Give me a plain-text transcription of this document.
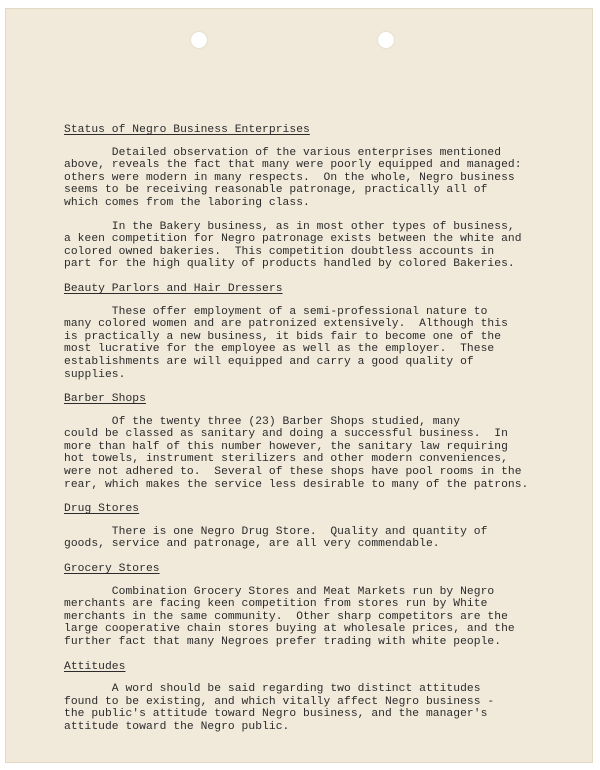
Status of Negro Business Enterprises

Detailed observation of the various enterprises mentioned
above, reveals the fact that many were poorly equipped and managed:
others were modern in many respects.  On the whole, Negro business
seems to be receiving reasonable patronage, practically all of
which comes from the laboring class.

In the Bakery business, as in most other types of business,
a keen competition for Negro patronage exists between the white and
colored owned bakeries.  This competition doubtless accounts in
part for the high quality of products handled by colored Bakeries.

Beauty Parlors and Hair Dressers

These offer employment of a semi-professional nature to
many colored women and are patronized extensively.  Although this
is practically a new business, it bids fair to become one of the
most lucrative for the employee as well as the employer.  These
establishments are will equipped and carry a good quality of
supplies.

Barber Shops

Of the twenty three (23) Barber Shops studied, many
could be classed as sanitary and doing a successful business.  In
more than half of this number however, the sanitary law requiring
hot towels, instrument sterilizers and other modern conveniences,
were not adhered to.  Several of these shops have pool rooms in the
rear, which makes the service less desirable to many of the patrons.

Drug Stores

There is one Negro Drug Store.  Quality and quantity of
goods, service and patronage, are all very commendable.

Grocery Stores

Combination Grocery Stores and Meat Markets run by Negro
merchants are facing keen competition from stores run by White
merchants in the same community.  Other sharp competitors are the
large cooperative chain stores buying at wholesale prices, and the
further fact that many Negroes prefer trading with white people.

Attitudes

A word should be said regarding two distinct attitudes
found to be existing, and which vitally affect Negro business -
the public's attitude toward Negro business, and the manager's
attitude toward the Negro public.
